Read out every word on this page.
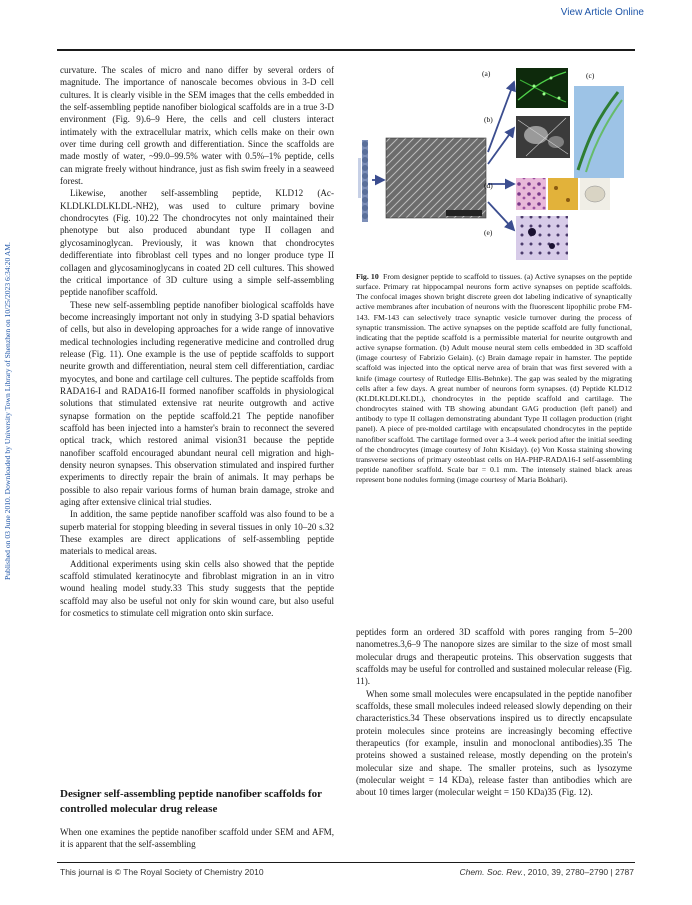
View Article Online
Published on 03 June 2010. Downloaded by University Town Library of Shenzhen on 10/25/2023 6:34:20 AM.

curvature. The scales of micro and nano differ by several orders of magnitude. The importance of nanoscale becomes obvious in 3-D cell cultures. It is clearly visible in the SEM images that the cells embedded in the self-assembling peptide nanofiber biological scaffolds are in a true 3-D environment (Fig. 9).6–9 Here, the cells and cell clusters interact intimately with the extracellular matrix, which cells make on their own over time during cell growth and differentiation. Since the scaffolds are made mostly of water, ~99.0–99.5% water with 0.5%–1% peptide, cells can migrate freely without hindrance, just as fish swim freely in a seaweed forest.

Likewise, another self-assembling peptide, KLD12 (Ac-KLDLKLDLKLDL-NH2), was used to culture primary bovine chondrocytes (Fig. 10).22 The chondrocytes not only maintained their phenotype but also produced abundant type II collagen and glycosaminoglycan. Previously, it was known that chondrocytes dedifferentiate into fibroblast cell types and no longer produce type II collagen and glycosaminoglycans in coated 2D cell cultures. This showed the critical importance of 3D culture using a simple self-assembling peptide nanofiber scaffold.

These new self-assembling peptide nanofiber biological scaffolds have become increasingly important not only in studying 3-D spatial behaviors of cells, but also in developing approaches for a wide range of innovative medical technologies including regenerative medicine and controlled drug release (Fig. 11). One example is the use of peptide scaffolds to support neurite growth and differentiation, neural stem cell differentiation, cardiac myocytes, and bone and cartilage cell cultures. The peptide scaffolds from RADA16-I and RADA16-II formed nanofiber scaffolds in physiological solutions that stimulated extensive rat neurite outgrowth and active synapse formation on the peptide scaffold.21 The peptide nanofiber scaffold has been injected into a hamster's brain to reconnect the severed optical track, which restored animal vision31 because the peptide nanofiber scaffold encouraged abundant neural cell migration and high-density neuron synapses. This observation stimulated and inspired further experiments to directly repair the brain of animals. It may perhaps be possible to also repair various forms of human brain damage, stroke and aging after extensive clinical trial studies.

In addition, the same peptide nanofiber scaffold was also found to be a superb material for stopping bleeding in several tissues in only 10–20 s.32 These examples are direct applications of self-assembling peptide materials to medical areas.

Additional experiments using skin cells also showed that the peptide scaffold stimulated keratinocyte and fibroblast migration in an in vitro wound healing model study.33 This study suggests that the peptide scaffold may also be useful not only for skin wound care, but also useful for cosmetics to stimulate cell migration onto skin surface.

Designer self-assembling peptide nanofiber scaffolds for controlled molecular drug release

When one examines the peptide nanofiber scaffold under SEM and AFM, it is apparent that the self-assembling

(a)
(b)
(c)
(d)
(e)

Fig. 10 From designer peptide to scaffold to tissues. (a) Active synapses on the peptide surface. Primary rat hippocampal neurons form active synapses on peptide scaffolds. The confocal images shown bright discrete green dot labeling indicative of synaptically active membranes after incubation of neurons with the fluorescent lipophilic probe FM-143. FM-143 can selectively trace synaptic vesicle turnover during the process of synaptic transmission. The active synapses on the peptide scaffold are fully functional, indicating that the peptide scaffold is a permissible material for neurite outgrowth and active synapse formation. (b) Adult mouse neural stem cells embedded in 3D scaffold (image courtesy of Fabrizio Gelain). (c) Brain damage repair in hamster. The peptide scaffold was injected into the optical nerve area of brain that was first severed with a knife (image courtesy of Rutledge Ellis-Behnke). The gap was sealed by the migrating cells after a few days. A great number of neurons form synapses. (d) Peptide KLD12 (KLDLKLDLKLDL), chondrocytes in the peptide scaffold and cartilage. The chondrocytes stained with TB showing abundant GAG production (left panel) and antibody to type II collagen demonstrating abundant Type II collagen production (right panel). A piece of pre-molded cartilage with encapsulated chondrocytes in the peptide nanofiber scaffold. The cartilage formed over a 3–4 week period after the initial seeding of the chondrocytes (image courtesy of John Kisiday). (e) Von Kossa staining showing transverse sections of primary osteoblast cells on HA-PHP-RADA16-I self-assembling peptide nanofiber scaffold. Scale bar = 0.1 mm. The intensely stained black areas represent bone nodules forming (image courtesy of Maria Bokhari).

peptides form an ordered 3D scaffold with pores ranging from 5–200 nanometres.3,6–9 The nanopore sizes are similar to the size of most small molecular drugs and therapeutic proteins. This observation suggests that scaffolds may be useful for controlled and sustained molecular release (Fig. 11).

When some small molecules were encapsulated in the peptide nanofiber scaffolds, these small molecules indeed released slowly depending on their characteristics.34 These observations inspired us to directly encapsulate protein molecules since proteins are increasingly becoming effective therapeutics (for example, insulin and monoclonal antibodies).35 The proteins showed a sustained release, mostly depending on the protein's molecular size and shape. The smaller proteins, such as lysozyme (molecular weight = 14 KDa), release faster than antibodies which are about 10 times larger (molecular weight = 150 KDa)35 (Fig. 12).

This journal is © The Royal Society of Chemistry 2010	Chem. Soc. Rev., 2010, 39, 2780–2790 | 2787
